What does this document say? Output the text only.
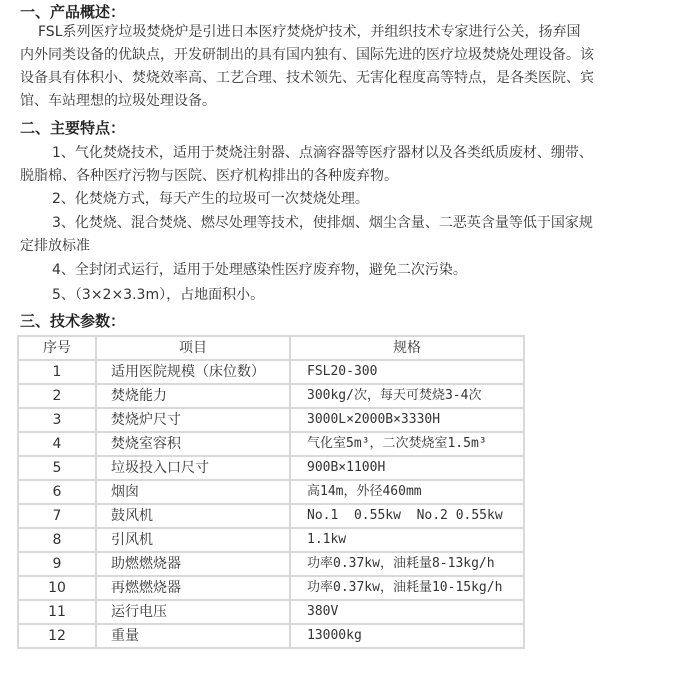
一、产品概述：
FSL系列医疗垃圾焚烧炉是引进日本医疗焚烧炉技术，并组织技术专家进行公关，扬弃国
内外同类设备的优缺点，开发研制出的具有国内独有、国际先进的医疗垃圾焚烧处理设备。该
设备具有体积小、焚烧效率高、工艺合理、技术领先、无害化程度高等特点，是各类医院、宾
馆、车站理想的垃圾处理设备。
二、主要特点：
1、气化焚烧技术，适用于焚烧注射器、点滴容器等医疗器材以及各类纸质废材、绷带、
脱脂棉、各种医疗污物与医院、医疗机构排出的各种废弃物。
2、化焚烧方式，每天产生的垃圾可一次焚烧处理。
3、化焚烧、混合焚烧、燃尽处理等技术，使排烟、烟尘含量、二恶英含量等低于国家规
定排放标准
4、全封闭式运行，适用于处理感染性医疗废弃物，避免二次污染。
5、（3×2×3.3m），占地面积小。
三、技术参数：
序号	项目	规格
1	适用医院规模（床位数）	FSL20-300
2	焚烧能力	300kg/次，每天可焚烧3-4次
3	焚烧炉尺寸	3000L×2000B×3330H
4	焚烧室容积	气化室5m³，二次焚烧室1.5m³
5	垃圾投入口尺寸	900B×1100H
6	烟囱	高14m，外径460mm
7	鼓风机	No.1  0.55kw  No.2 0.55kw
8	引风机	1.1kw
9	助燃燃烧器	功率0.37kw，油耗量8-13kg/h
10	再燃燃烧器	功率0.37kw，油耗量10-15kg/h
11	运行电压	380V
12	重量	13000kg
